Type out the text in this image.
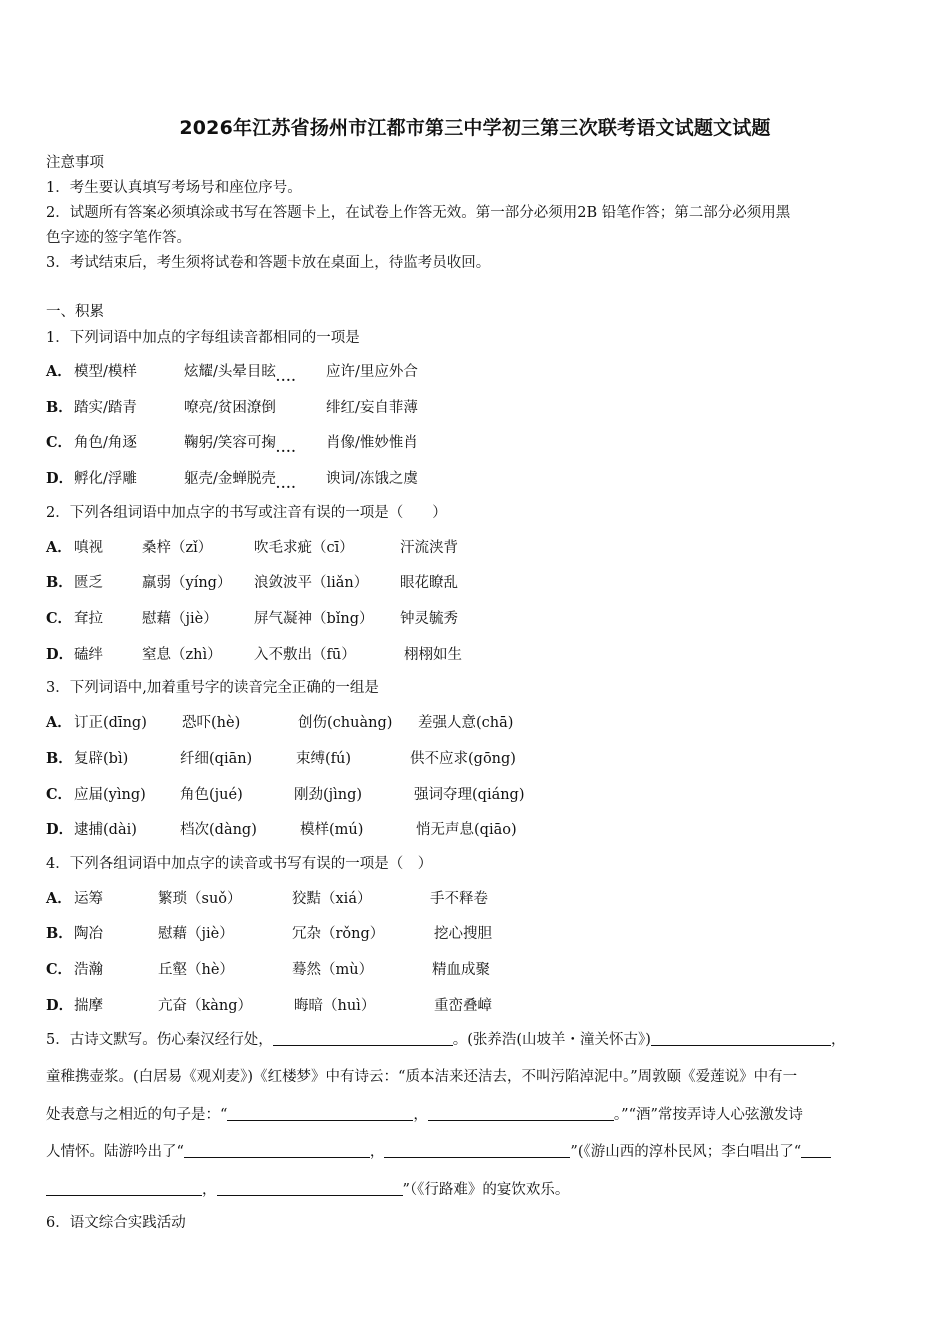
2026年江苏省扬州市江都市第三中学初三第三次联考语文试题文试题
注意事项
1．考生要认真填写考场号和座位序号。
2．试题所有答案必须填涂或书写在答题卡上，在试卷上作答无效。第一部分必须用2B 铅笔作答；第二部分必须用黑
色字迹的签字笔作答。
3．考试结束后，考生须将试卷和答题卡放在桌面上，待监考员收回。
一、积累
1．下列词语中加点的字每组读音都相同的一项是
A． 模型/模样	炫耀/头晕目眩$_{....}$ 应许/里应外合
B． 踏实/踏青	嘹亮/贫困潦倒	绯红/妄自菲薄
C． 角色/角逐	鞠躬/笑容可掬$_{....}$ 肖像/惟妙惟肖
D． 孵化/浮雕	躯壳/金蝉脱壳$_{....}$ 谀词/冻饿之虞
2．下列各组词语中加点字的书写或注音有误的一项是（　　）
A． 嗔视	桑梓（zǐ）	吹毛求疵（cī）	汗流浃背
B． 匮乏	羸弱（yíng） 浪敛波平（liǎn） 眼花瞭乱
C． 耷拉	慰藉（jiè）	屏气凝神（bǐng） 钟灵毓秀
D． 磕绊	窒息（zhì） 入不敷出（fū）	栩栩如生
3．下列词语中,加着重号字的读音完全正确的一组是
A． 订正(dīng) 恐吓(hè)	创伤(chuàng) 差强人意(chā)
B． 复辟(bì)	纤细(qiān)	束缚(fú)	供不应求(gōng)
C． 应届(yìng) 角色(jué)	刚劲(jìng)	强词夺理(qiáng)
D． 逮捕(dài)	档次(dàng)	模样(mú)	悄无声息(qiāo)
4．下列各组词语中加点字的读音或书写有误的一项是（　）
A． 运筹	繁琐（suǒ）	狡黠（xiá）	手不释卷
B． 陶冶	慰藉（jiè）	冗杂（rǒng）	挖心搜胆
C． 浩瀚	丘壑（hè）	蓦然（mù）	精血成聚
D． 揣摩	亢奋（kàng）	晦暗（huì）	重峦叠嶂
5．古诗文默写。伤心秦汉经行处，	。(张养浩(山坡羊・潼关怀古》)	，
童稚携壶浆。(白居易《观刈麦》)《红楼梦》中有诗云：“质本洁来还洁去，不叫污陷淖泥中。”周敦颐《爱莲说》中有一
处表意与之相近的句子是：“	，	。”“酒”常按弄诗人心弦激发诗
人情怀。陆游吟出了“	，	”(《游山西的淳朴民风；李白唱出了“
，	”（《行路难》的宴饮欢乐。
6．语文综合实践活动
